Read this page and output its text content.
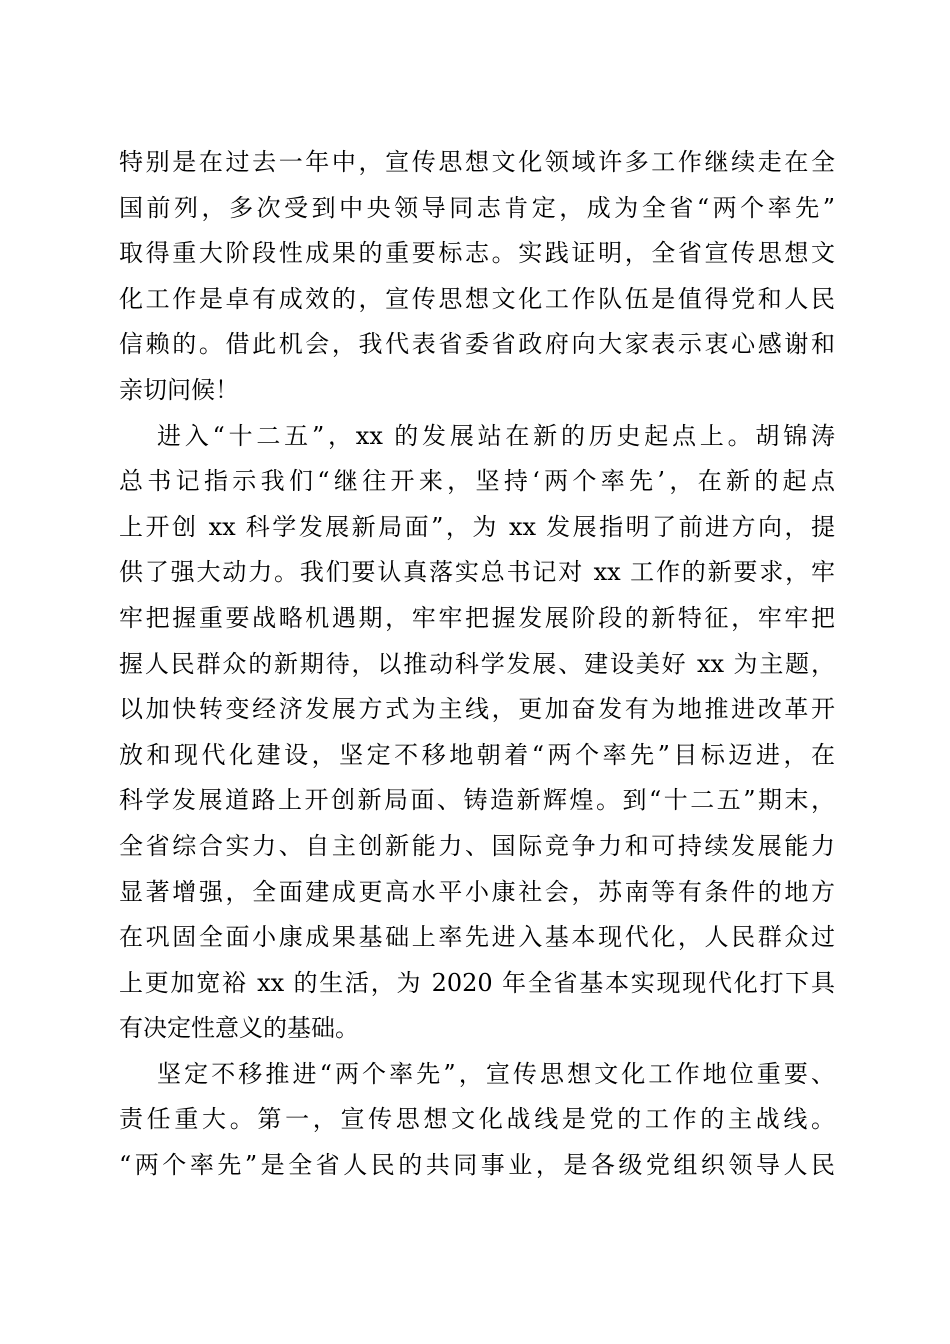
特别是在过去一年中，宣传思想文化领域许多工作继续走在全
国前列，多次受到中央领导同志肯定，成为全省“两个率先”
取得重大阶段性成果的重要标志。实践证明，全省宣传思想文
化工作是卓有成效的，宣传思想文化工作队伍是值得党和人民
信赖的。借此机会，我代表省委省政府向大家表示衷心感谢和
亲切问候！
进入“十二五”，xx 的发展站在新的历史起点上。胡锦涛
总书记指示我们“继往开来，坚持‘两个率先’，在新的起点
上开创 xx 科学发展新局面”，为 xx 发展指明了前进方向，提
供了强大动力。我们要认真落实总书记对 xx 工作的新要求，牢
牢把握重要战略机遇期，牢牢把握发展阶段的新特征，牢牢把
握人民群众的新期待，以推动科学发展、建设美好 xx 为主题，
以加快转变经济发展方式为主线，更加奋发有为地推进改革开
放和现代化建设，坚定不移地朝着“两个率先”目标迈进，在
科学发展道路上开创新局面、铸造新辉煌。到“十二五”期末，
全省综合实力、自主创新能力、国际竞争力和可持续发展能力
显著增强，全面建成更高水平小康社会，苏南等有条件的地方
在巩固全面小康成果基础上率先进入基本现代化，人民群众过
上更加宽裕 xx 的生活，为 2020 年全省基本实现现代化打下具
有决定性意义的基础。
坚定不移推进“两个率先”，宣传思想文化工作地位重要、
责任重大。第一，宣传思想文化战线是党的工作的主战线。
“两个率先”是全省人民的共同事业，是各级党组织领导人民
